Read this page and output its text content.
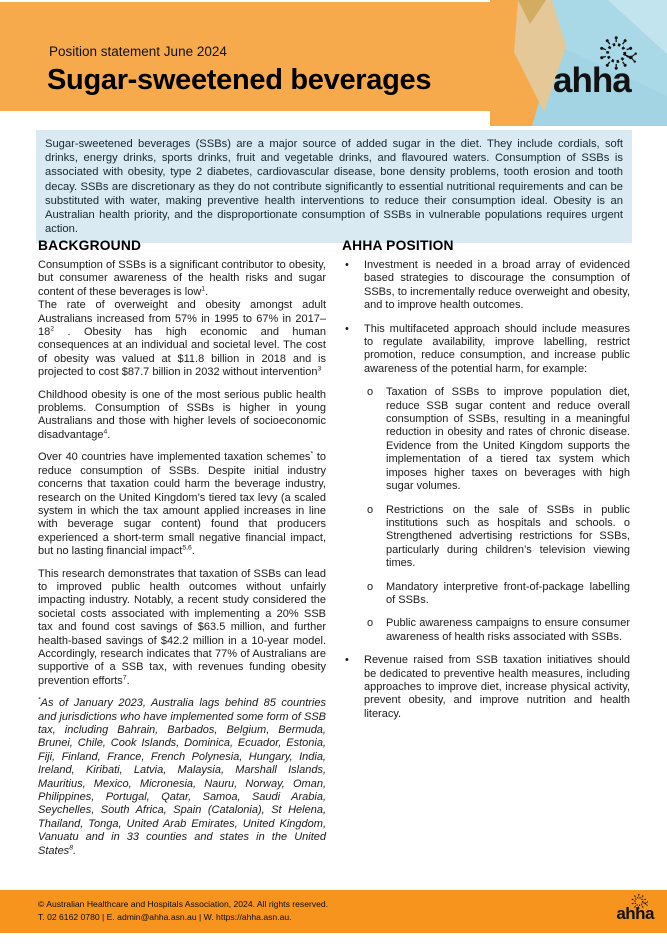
Position statement June 2024
Sugar-sweetened beverages	ahha

Sugar-sweetened beverages (SSBs) are a major source of added sugar in the diet. They include cordials, soft drinks, energy drinks, sports drinks, fruit and vegetable drinks, and flavoured waters. Consumption of SSBs is associated with obesity, type 2 diabetes, cardiovascular disease, bone density problems, tooth erosion and tooth decay. SSBs are discretionary as they do not contribute significantly to essential nutritional requirements and can be substituted with water, making preventive health interventions to reduce their consumption ideal. Obesity is an Australian health priority, and the disproportionate consumption of SSBs in vulnerable populations requires urgent action.

BACKGROUND

Consumption of SSBs is a significant contributor to obesity, but consumer awareness of the health risks and sugar content of these beverages is low$^1$.

The rate of overweight and obesity amongst adult Australians increased from 57% in 1995 to 67% in $2017-18^2$ . Obesity has high economic and human consequences at an individual and societal level. The cost of obesity was valued at $11.8 billion in 2018 and is projected to cost $87.7 billion in 2032 without intervention$^3$

Childhood obesity is one of the most serious public health problems. Consumption of SSBs is higher in young Australians and those with higher levels of socioeconomic disadvantage$^4$.

Over 40 countries have implemented taxation schemes* to reduce consumption of SSBs. Despite initial industry concerns that taxation could harm the beverage industry, research on the United Kingdom’s tiered tax levy (a scaled system in which the tax amount applied increases in line with beverage sugar content) found that producers experienced a short-term small negative financial impact, but no lasting financial impact$^{5,6}$.

This research demonstrates that taxation of SSBs can lead to improved public health outcomes without unfairly impacting industry. Notably, a recent study considered the societal costs associated with implementing a 20% SSB tax and found cost savings of $63.5 million, and further health-based savings of $42.2 million in a 10-year model. Accordingly, research indicates that 77% of Australians are supportive of a SSB tax, with revenues funding obesity prevention efforts$^7$.

*As of January 2023, Australia lags behind 85 countries and jurisdictions who have implemented some form of SSB tax, including Bahrain, Barbados, Belgium, Bermuda, Brunei, Chile, Cook Islands, Dominica, Ecuador, Estonia, Fiji, Finland, France, French Polynesia, Hungary, India, Ireland, Kiribati, Latvia, Malaysia, Marshall Islands, Mauritius, Mexico, Micronesia, Nauru, Norway, Oman, Philippines, Portugal, Qatar, Samoa, Saudi Arabia, Seychelles, South Africa, Spain (Catalonia), St Helena, Thailand, Tonga, United Arab Emirates, United Kingdom, Vanuatu and in 33 counties and states in the United States$^8$.

AHHA POSITION
•	Investment is needed in a broad array of evidenced based strategies to discourage the consumption of SSBs, to incrementally reduce overweight and obesity, and to improve health outcomes.
•	This multifaceted approach should include measures to regulate availability, improve labelling, restrict promotion, reduce consumption, and increase public awareness of the potential harm, for example:
o	Taxation of SSBs to improve population diet, reduce SSB sugar content and reduce overall consumption of SSBs, resulting in a meaningful reduction in obesity and rates of chronic disease. Evidence from the United Kingdom supports the implementation of a tiered tax system which imposes higher taxes on beverages with high sugar volumes.
o	Restrictions on the sale of SSBs in public institutions such as hospitals and schools. o Strengthened advertising restrictions for SSBs, particularly during children’s television viewing times.
o	Mandatory interpretive front-of-package labelling of SSBs.
o	Public awareness campaigns to ensure consumer awareness of health risks associated with SSBs.
•	Revenue raised from SSB taxation initiatives should be dedicated to preventive health measures, including approaches to improve diet, increase physical activity, prevent obesity, and improve nutrition and health literacy.
© Australian Healthcare and Hospitals Association, 2024. All rights reserved.
T. 02 6162 0780 | E. admin@ahha.asn.au | W. https://ahha.asn.au.	ahha
